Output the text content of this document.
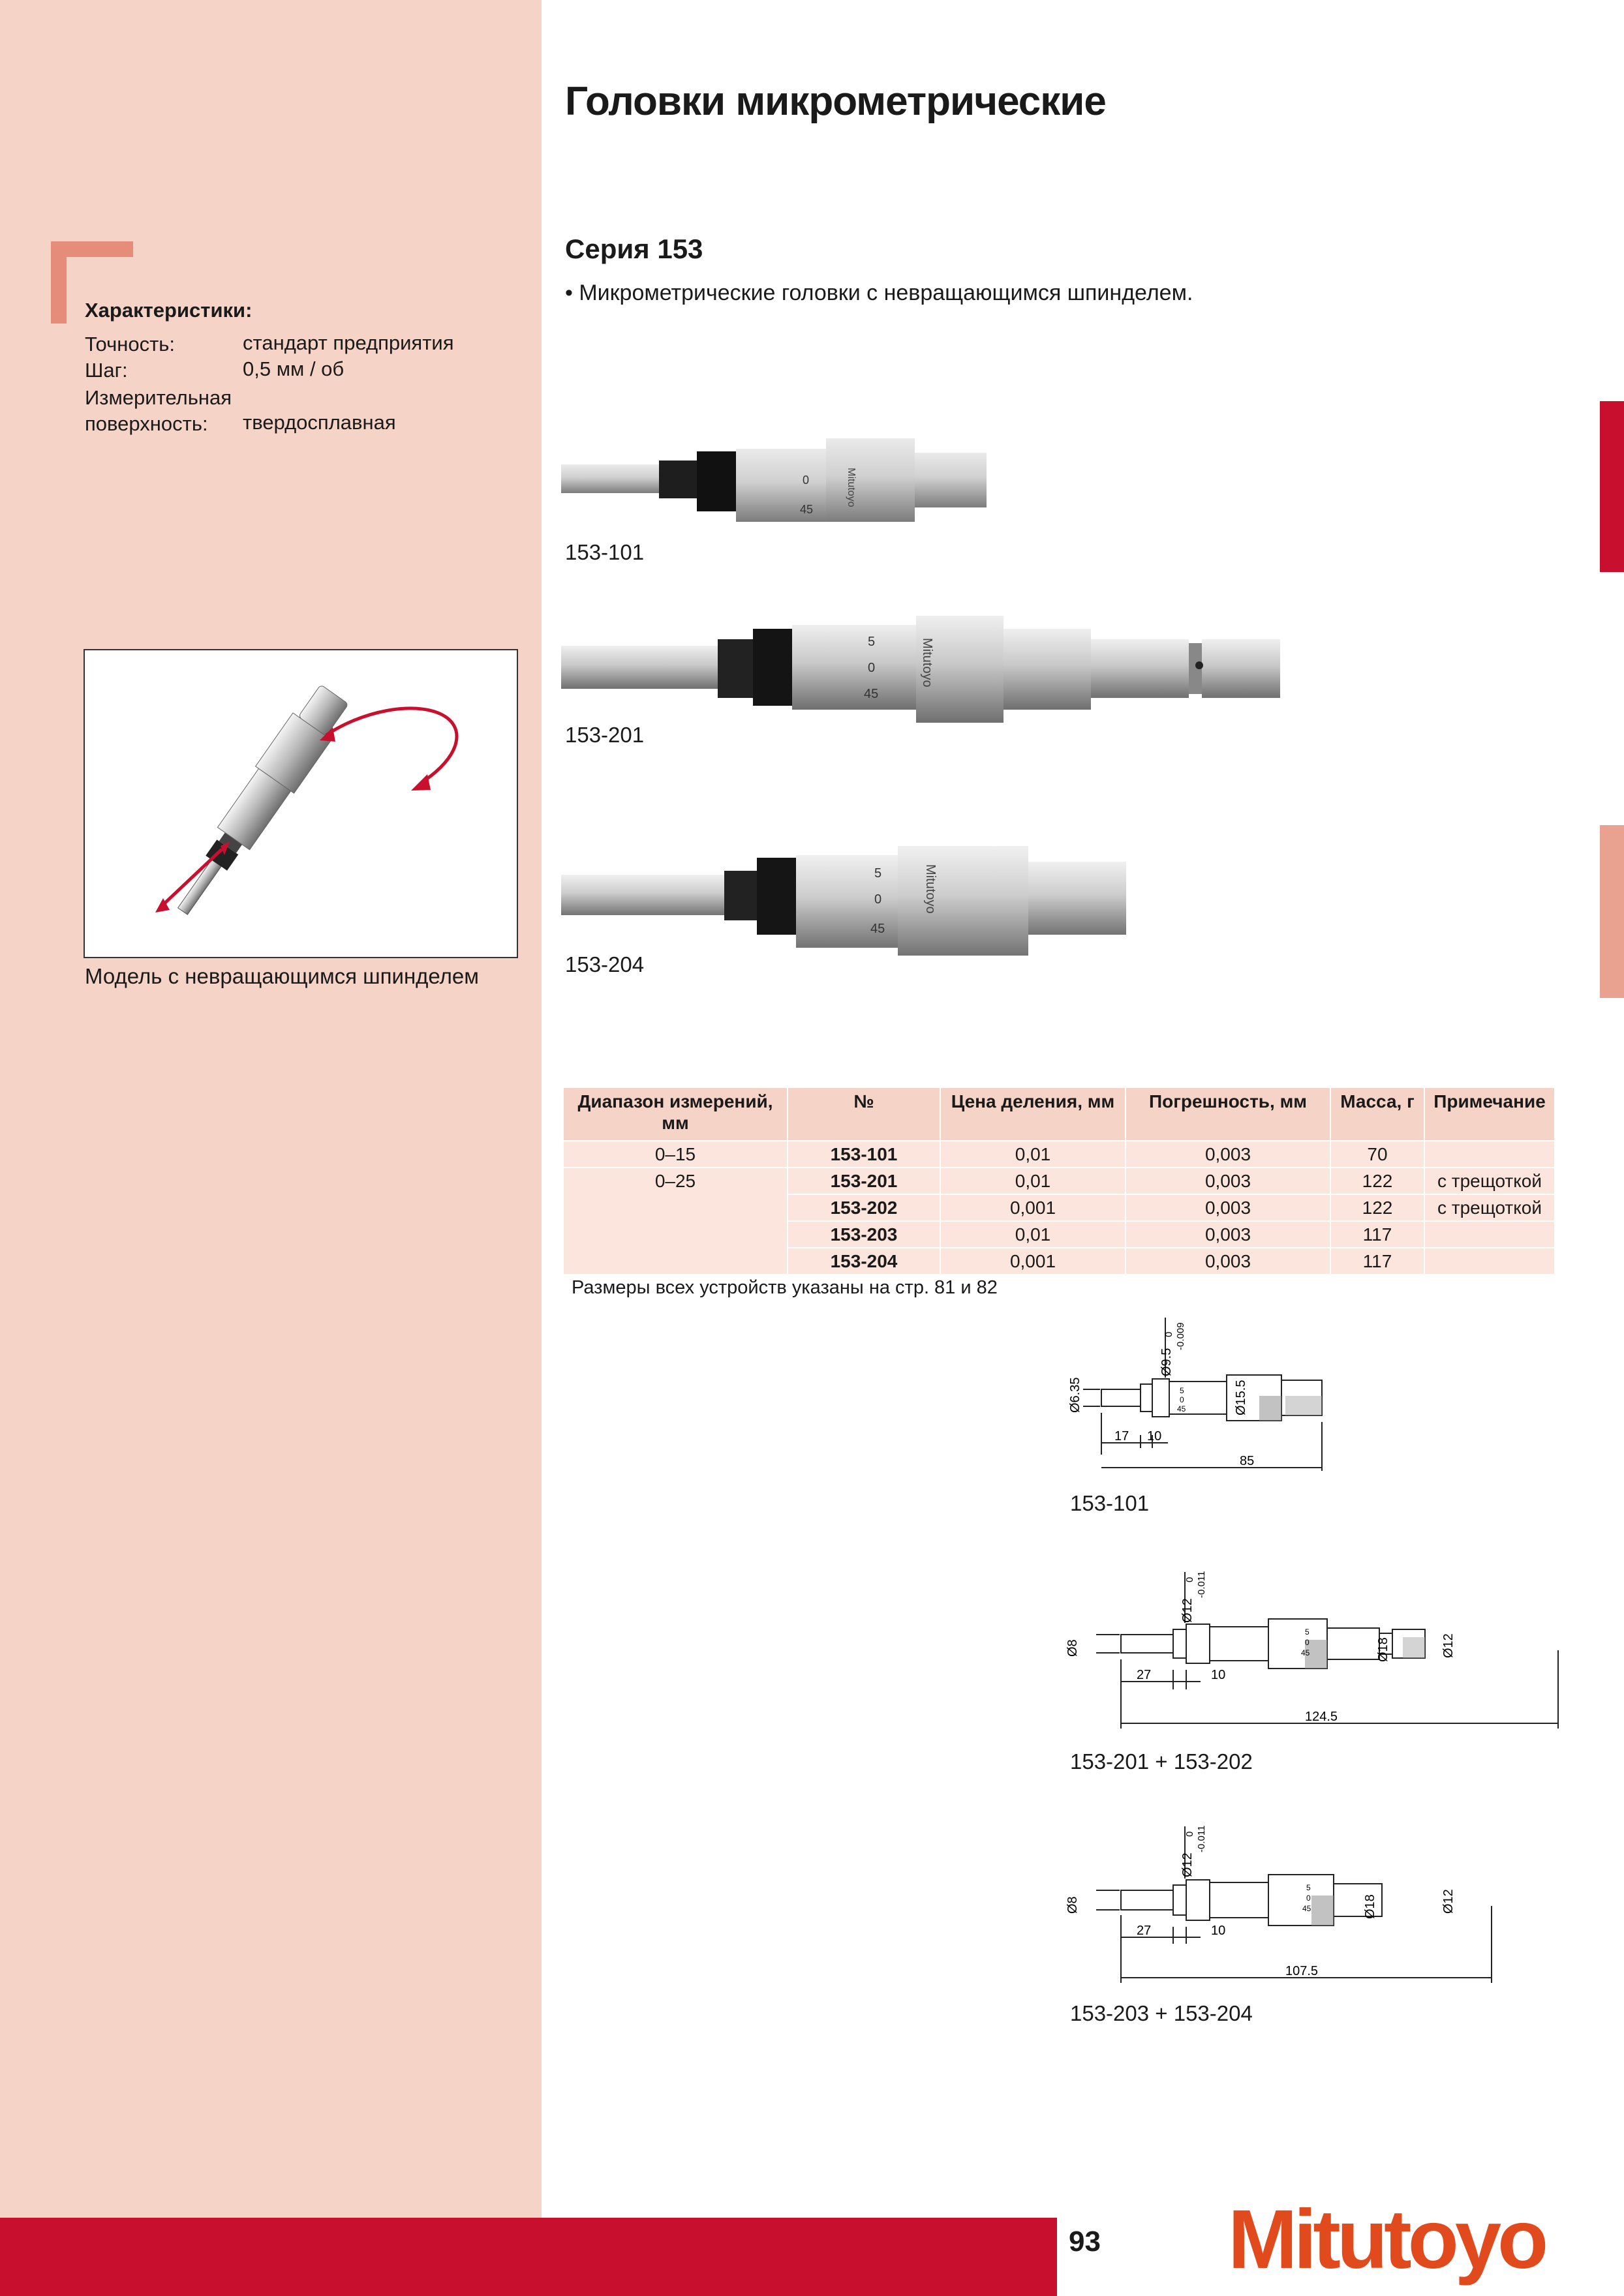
Головки микрометрические
Серия 153
• Микрометрические головки с невращающимся шпинделем.
Характеристики:
Точность:	стандарт предприятия
Шаг:	0,5 мм / об
Измерительная
поверхность: твердосплавная
Модель с невращающимся шпинделем
0
45
Mitutoyo
153-101
5
0
45
Mitutoyo
153-201
5
0
45
Mitutoyo
153-204
Диапазон измерений, мм	№	Цена деления, мм	Погрешность, мм	Масса, г	Примечание
0–15	153-101	0,01	0,003	70	
0–25	153-201	0,01	0,003	122	с трещоткой
	153-202	0,001	0,003	122	с трещоткой
	153-203	0,01	0,003	117	
	153-204	0,001	0,003	117	
Размеры всех устройств указаны на стр. 81 и 82
Ø6.35
Ø9.5
0 -0.009
5
0
45	Ø15.5
17 10
85
153-101
Ø8
Ø12
0 -0.011
5
0
45	Ø18	Ø12
27	10
124.5
153-201 + 153-202
Ø8
Ø12
0 -0.011
5
0
45	Ø18	Ø12
27	10
107.5
153-203 + 153-204
93 Mitutoyo
